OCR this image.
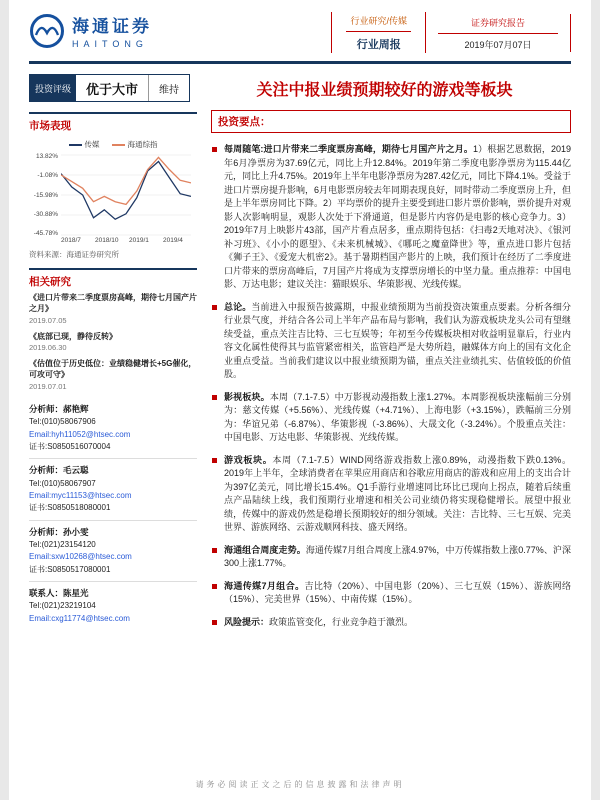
海通证券
HAITONG
行业研究/传媒
行业周报
证券研究报告
2019年07月07日
投资评级	优于大市	维持	关注中报业绩预期较好的游戏等板块
市场表现
传媒	海通综指
13.82%
-1.08%
-15.98%
-30.88%
-45.78%
2018/7	2018/10	2019/1	2019/4
资料来源：海通证券研究所
相关研究
《进口片带来二季度票房高峰，期待七月国产片之月》
2019.07.05
《底部已现，静待反转》
2019.06.30
《估值位于历史低位：业绩稳健增长+5G催化，可攻可守》
2019.07.01
分析师：郝艳辉
Tel:(010)58067906
Email:hyh11052@htsec.com
证书:S0850516070004
分析师：毛云聪
Tel:(010)58067907
Email:myc11153@htsec.com
证书:S0850518080001
分析师：孙小雯
Tel:(021)23154120
Email:sxw10268@htsec.com
证书:S0850517080001
联系人：陈星光
Tel:(021)23219104
Email:cxg11774@htsec.com
投资要点：
每周随笔:进口片带来二季度票房高峰，期待七月国产片之月。1）根据艺恩数据，2019年6月净票房为37.69亿元，同比上升12.84%。2019年第二季度电影净票房为115.44亿元，同比上升4.75%。2019年上半年电影净票房为287.42亿元，同比下降4.1%。受益于进口片票房提升影响，6月电影票房较去年同期表现良好，同时带动二季度票房上升，但是上半年票房同比下降。2）平均票价的提升主要受到进口影片票价影响，票价提升对观影人次影响明显，观影人次处于下滑通道，但是影片内容仍是电影的核心竞争力。3）2019年7月上映影片43部，国产片看点居多，重点期待包括：《扫毒2天地对决》、《银河补习班》、《小小的愿望》、《未来机械城》、《哪吒之魔童降世》等，重点进口影片包括《狮子王》、《爱宠大机密2》。基于暑期档国产影片的上映，我们预计在经历了二季度进口片带来的票房高峰后，7月国产片将成为支撑票房增长的中坚力量。重点推荐：中国电影、万达电影；建议关注：猫眼娱乐、华策影视、光线传媒。
总论。当前进入中报预告披露期，中报业绩预期为当前投资决策重点要素。分析各细分行业景气度，并结合各公司上半年产品布局与影响，我们认为游戏板块龙头公司有望继续受益，重点关注吉比特、三七互娱等；年初至今传媒板块相对收益明显靠后，行业内容文化属性使得其与监管紧密相关，监管趋严是大势所趋，融媒体方向上的国有文化企业重点受益。当前我们建议以中报业绩预期为锚，重点关注业绩扎实、估值较低的价值股。
影视板块。本周（7.1-7.5）中万影视动漫指数上涨1.27%。本周影视板块涨幅前三分别为：慈文传媒（+5.56%）、光线传媒（+4.71%）、上海电影（+3.15%），跌幅前三分别为：华谊兄弟（-6.87%）、华策影视（-3.86%）、大晟文化（-3.24%）。个股重点关注：中国电影、万达电影、华策影视、光线传媒。
游戏板块。本周（7.1-7.5）WIND网络游戏指数上涨0.89%，动漫指数下跌0.13%。2019年上半年，全球消费者在苹果应用商店和谷歌应用商店的游戏和应用上的支出合计为397亿美元，同比增长15.4%。Q1手游行业增速同比环比已现向上拐点，随着后续重点产品陆续上线，我们预期行业增速和相关公司业绩仍将实现稳健增长。展望中报业绩，传媒中的游戏仍然是稳增长预期较好的细分领域。关注：吉比特、三七互娱、完美世界、游族网络、云游戏顺网科技、盛天网络。
海通组合周度走势。海通传媒7月组合周度上涨4.97%，中万传媒指数上涨0.77%、沪深300上涨1.77%。
海通传媒7月组合。吉比特（20%）、中国电影（20%）、三七互娱（15%）、游族网络（15%）、完美世界（15%）、中南传媒（15%）。
风险提示：政策监管变化，行业竞争趋于激烈。
请务必阅读正文之后的信息披露和法律声明
